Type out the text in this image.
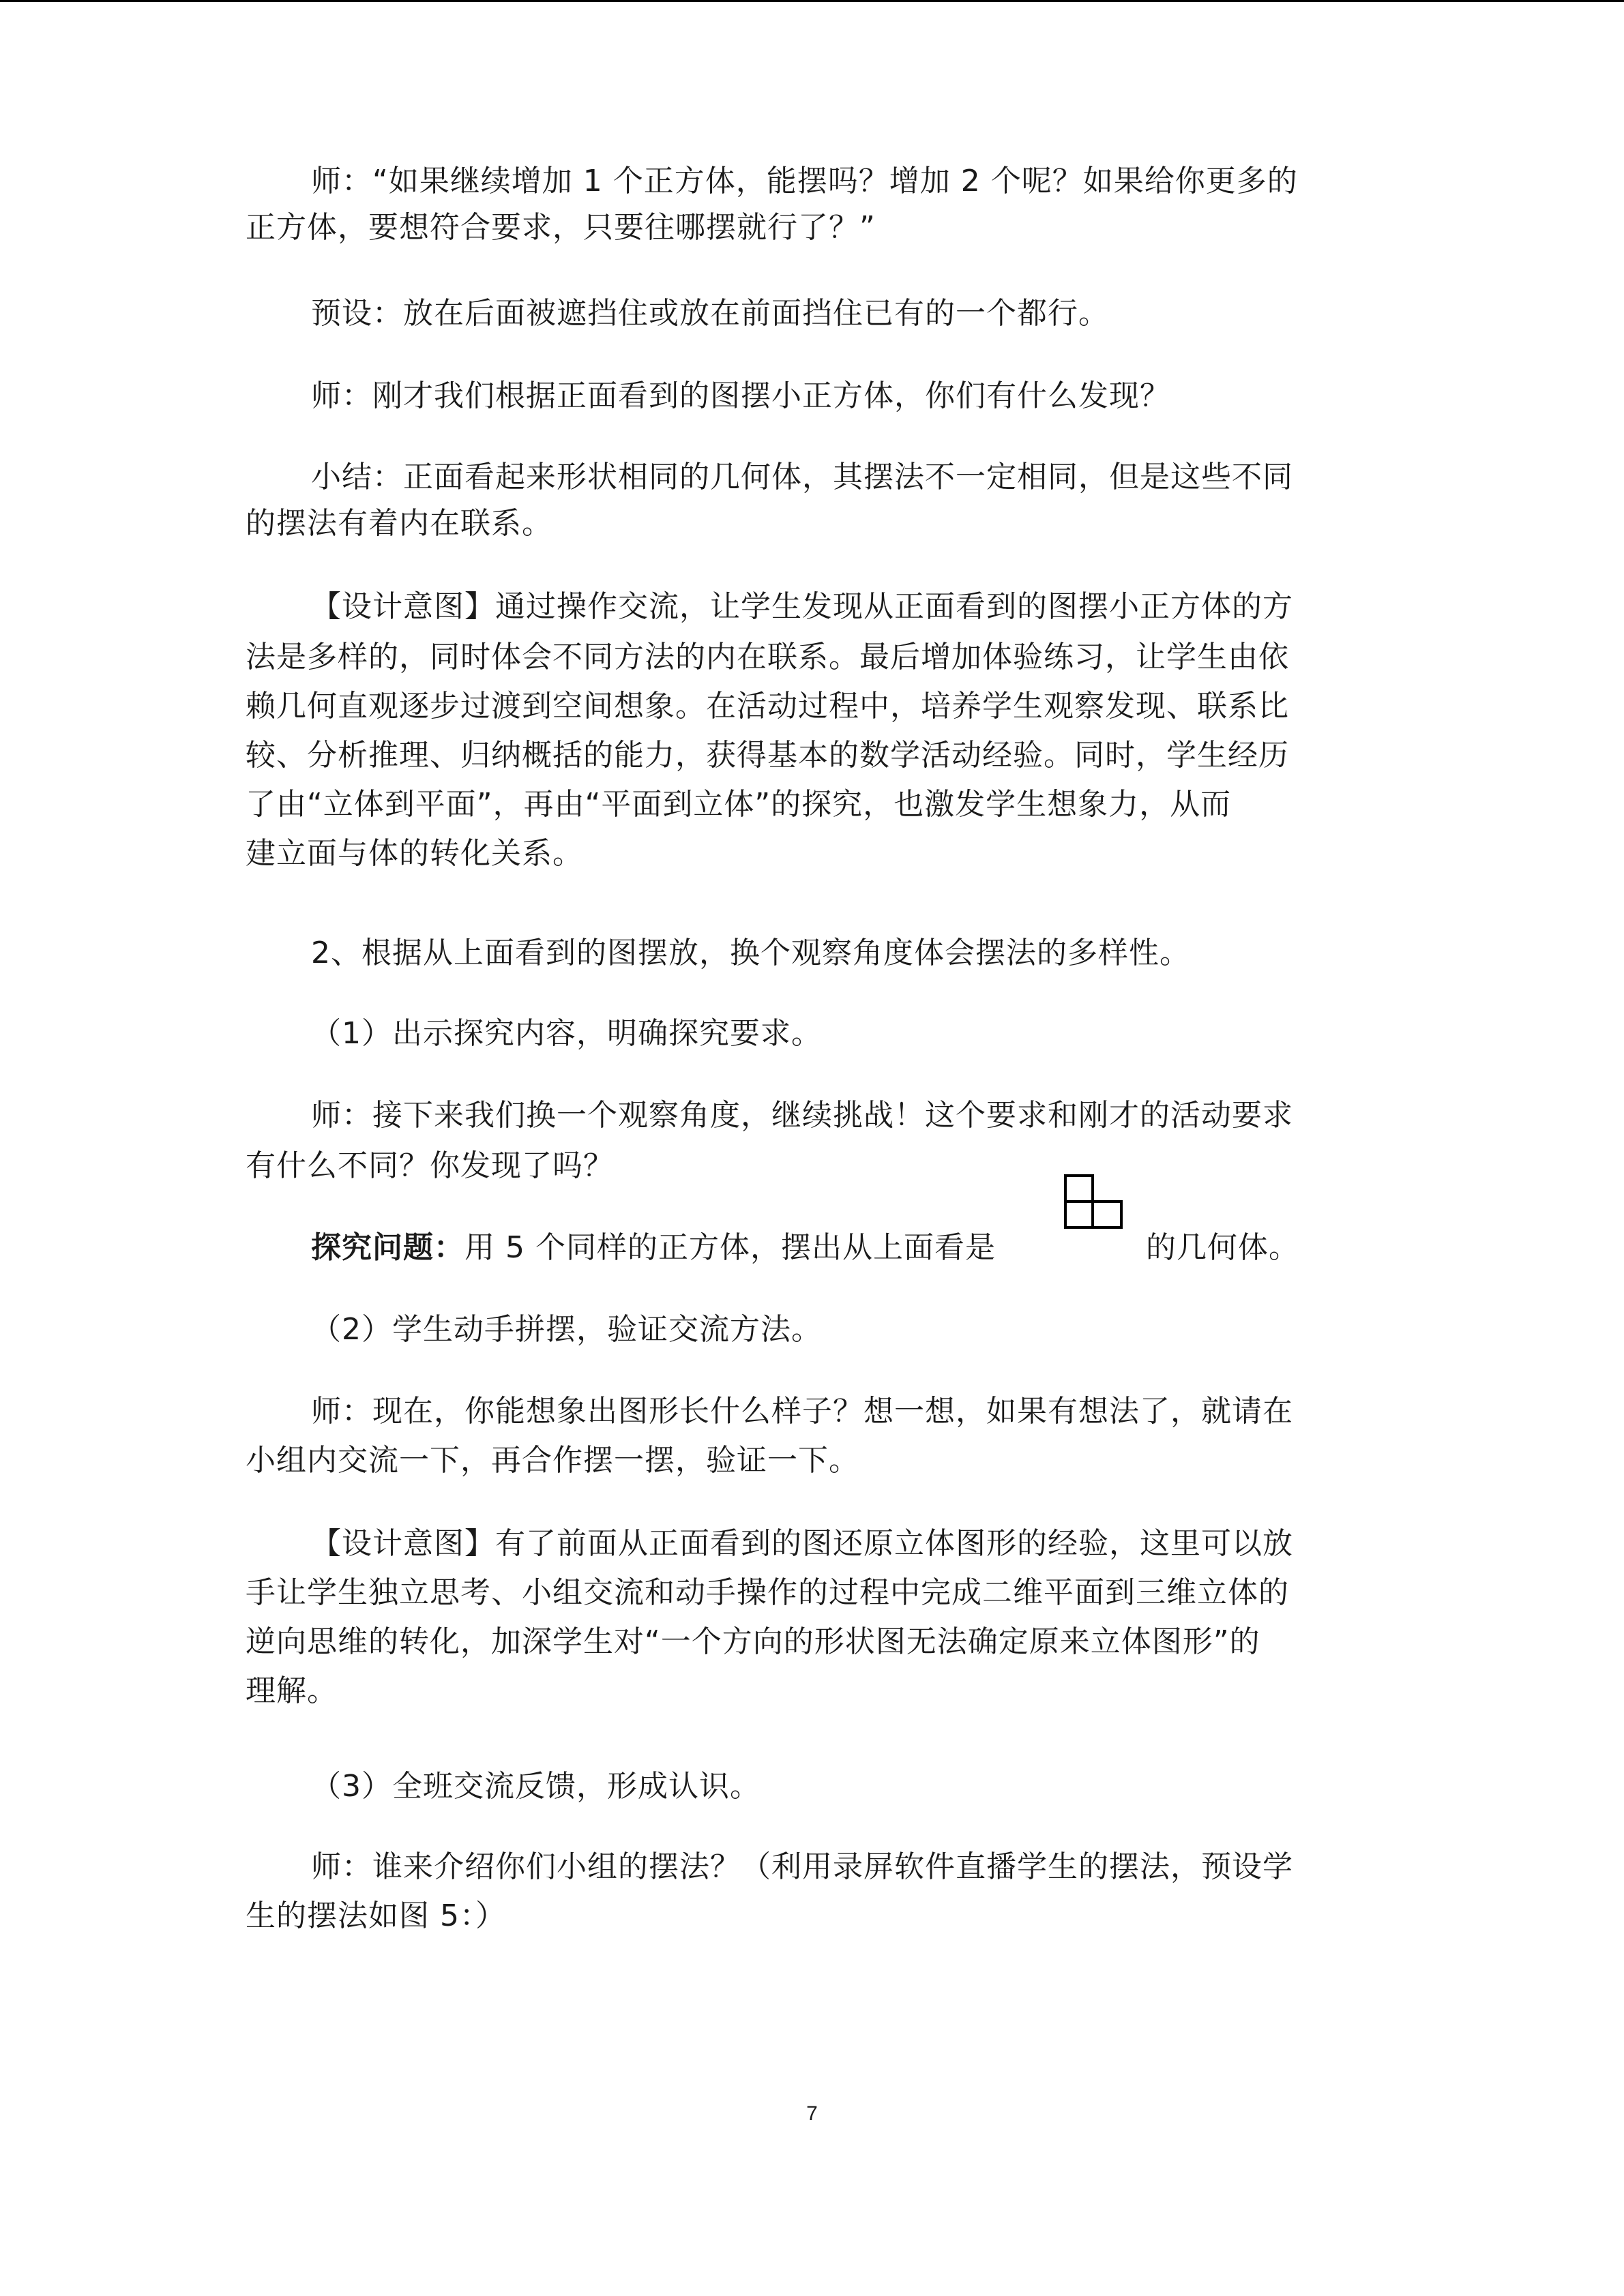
师：“如果继续增加 1 个正方体，能摆吗？增加 2 个呢？如果给你更多的
正方体，要想符合要求，只要往哪摆就行了？”
预设：放在后面被遮挡住或放在前面挡住已有的一个都行。
师：刚才我们根据正面看到的图摆小正方体，你们有什么发现？
小结：正面看起来形状相同的几何体，其摆法不一定相同，但是这些不同
的摆法有着内在联系。
【设计意图】通过操作交流，让学生发现从正面看到的图摆小正方体的方
法是多样的，同时体会不同方法的内在联系。最后增加体验练习，让学生由依
赖几何直观逐步过渡到空间想象。在活动过程中，培养学生观察发现、联系比
较、分析推理、归纳概括的能力，获得基本的数学活动经验。同时，学生经历
了由“立体到平面”，再由“平面到立体”的探究，也激发学生想象力，从而
建立面与体的转化关系。
2、根据从上面看到的图摆放，换个观察角度体会摆法的多样性。
（1）出示探究内容，明确探究要求。
师：接下来我们换一个观察角度，继续挑战！这个要求和刚才的活动要求
有什么不同？你发现了吗？
探究问题：用 5 个同样的正方体，摆出从上面看是	的几何体。
（2）学生动手拼摆，验证交流方法。
师：现在，你能想象出图形长什么样子？想一想，如果有想法了，就请在
小组内交流一下，再合作摆一摆，验证一下。
【设计意图】有了前面从正面看到的图还原立体图形的经验，这里可以放
手让学生独立思考、小组交流和动手操作的过程中完成二维平面到三维立体的
逆向思维的转化，加深学生对“一个方向的形状图无法确定原来立体图形”的
理解。
（3）全班交流反馈，形成认识。
师：谁来介绍你们小组的摆法？（利用录屏软件直播学生的摆法，预设学
生的摆法如图 5：）
7
